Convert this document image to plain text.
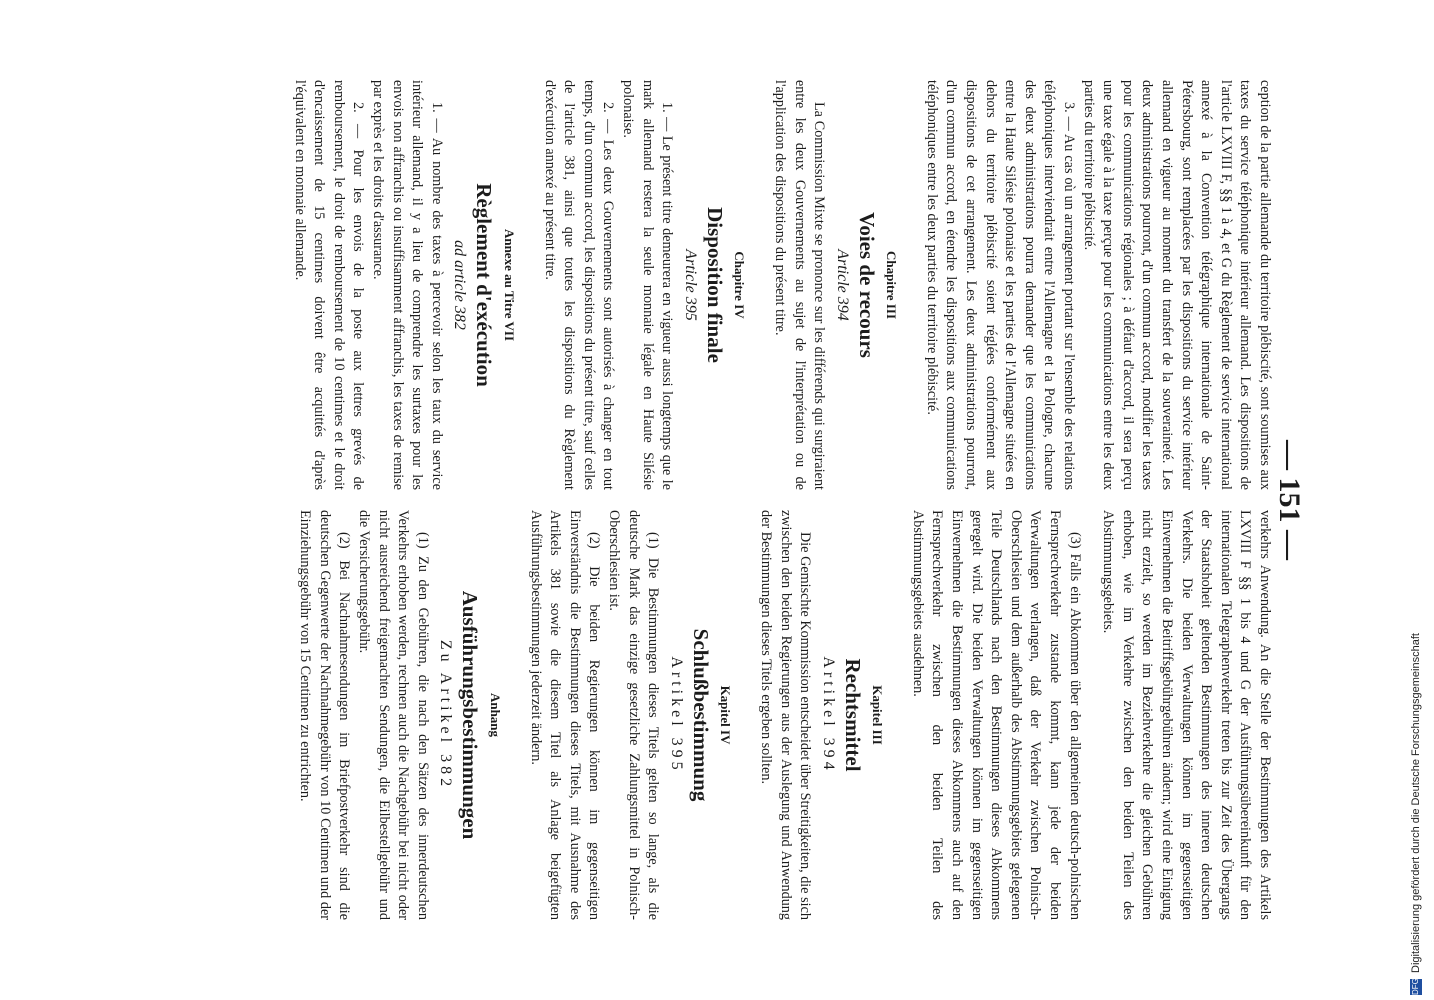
— 151 —

verkehrs Anwendung. An die Stelle der Bestimmungen des Artikels LXVIII F §§ 1 bis 4 und G der Ausführungsübereinkunft für den internationalen Telegraphenverkehr treten bis zur Zeit des Übergangs der Staatshoheit geltenden Bestimmungen des inneren deutschen Verkehrs. Die beiden Verwaltungen können im gegenseitigen Einvernehmen die Beitriffsgebührgebühren ändern; wird eine Einigung nicht erzielt, so werden im Beziehverkehre die gleichen Gebühren erhoben, wie im Verkehre zwischen den beiden Teilen des Abstimmungsgebiets.

(3) Falls ein Abkommen über den allgemeinen deutsch-polnischen Fernsprechverkehr zustande kommt, kann jede der beiden Verwaltungen verlangen, daß der Verkehr zwischen Polnisch-Oberschlesien und dem außerhalb des Abstimmungsgebiets gelegenen Teile Deutschlands nach den Bestimmungen dieses Abkommens geregelt wird. Die beiden Verwaltungen können im gegenseitigen Einvernehmen die Bestimmungen dieses Abkommens auch auf den Fernsprechverkehr zwischen den beiden Teilen des Abstimmungsgebiets ausdehnen.

Kapitel III
Rechtsmittel
Artikel 394

Die Gemischte Kommission entscheidet über Streitigkeiten, die sich zwischen den beiden Regierungen aus der Auslegung und Anwendung der Bestimmungen dieses Titels ergeben sollten.

Kapitel IV
Schlußbestimmung
Artikel 395

(1) Die Bestimmungen dieses Titels gelten so lange, als die deutsche Mark das einzige gesetzliche Zahlungsmittel in Polnisch-Oberschlesien ist.

(2) Die beiden Regierungen können im gegenseitigen Einverständnis die Bestimmungen dieses Titels, mit Ausnahme des Artikels 381 sowie die diesem Titel als Anlage beigefügten Ausführungsbestimmungen jederzeit ändern.

Anhang
Ausführungsbestimmungen
Zu Artikel 382

(1) Zu den Gebühren, die nach den Sätzen des innerdeutschen Verkehrs erhoben werden, rechnen auch die Nachgebühr bei nicht oder nicht ausreichend freigemachten Sendungen, die Eilbestellgebühr und die Versicherungsgebühr.

(2) Bei Nachnahmesendungen im Briefpostverkehr sind die deutschen Gegenwerte der Nachnahmegebühr von 10 Centimen und der Einziehungsgebühr von 15 Centimen zu entrichten.

ception de la partie allemande du territoire plébiscité, sont soumises aux taxes du service téléphonique intérieur allemand. Les dispositions de l'article LXVIII F, §§ 1 à 4, et G du Règlement de service international annexé à la Convention télégraphique internationale de Saint-Pétersbourg, sont remplacées par les dispositions du service intérieur allemand en vigueur au moment du transfert de la souveraineté. Les deux administrations pourront, d'un commun accord, modifier les taxes pour les communications régionales ; à défaut d'accord, il sera perçu une taxe égale à la taxe perçue pour les communications entre les deux parties du territoire plébiscité.

3. — Au cas où un arrangement portant sur l'ensemble des relations téléphoniques interviendrait entre l'Allemagne et la Pologne, chacune des deux administrations pourra demander que les communications entre la Haute Silésie polonaise et les parties de l'Allemagne situées en dehors du territoire plébiscité soient réglées conformément aux dispositions de cet arrangement. Les deux administrations pourront, d'un commun accord, en étendre les dispositions aux communications téléphoniques entre les deux parties du territoire plébiscité.

Chapitre III
Voies de recours
Article 394

La Commission Mixte se prononce sur les différends qui surgiraient entre les deux Gouvernements au sujet de l'interprétation ou de l'application des dispositions du présent titre.

Chapitre IV
Disposition finale
Article 395

1. — Le présent titre demeurera en vigueur aussi longtemps que le mark allemand restera la seule monnaie légale en Haute Silésie polonaise.

2. — Les deux Gouvernements sont autorisés à changer en tout temps, d'un commun accord, les dispositions du présent titre, sauf celles de l'article 381, ainsi que toutes les dispositions du Règlement d'exécution annexé au présent titre.

Annexe au Titre VII
Règlement d'exécution
ad article 382

1. — Au nombre des taxes à percevoir selon les taux du service intérieur allemand, il y a lieu de comprendre les surtaxes pour les envois non affranchis ou insuffisamment affranchis, les taxes de remise par exprès et les droits d'assurance.

2. — Pour les envois de la poste aux lettres grevés de remboursement, le droit de remboursement de 10 centimes et le droit d'encaissement de 15 centimes doivent être acquittés d'après l'équivalent en monnaie allemande.

DFGDigitalisierung gefördert durch die Deutsche Forschungsgemeinschaft
